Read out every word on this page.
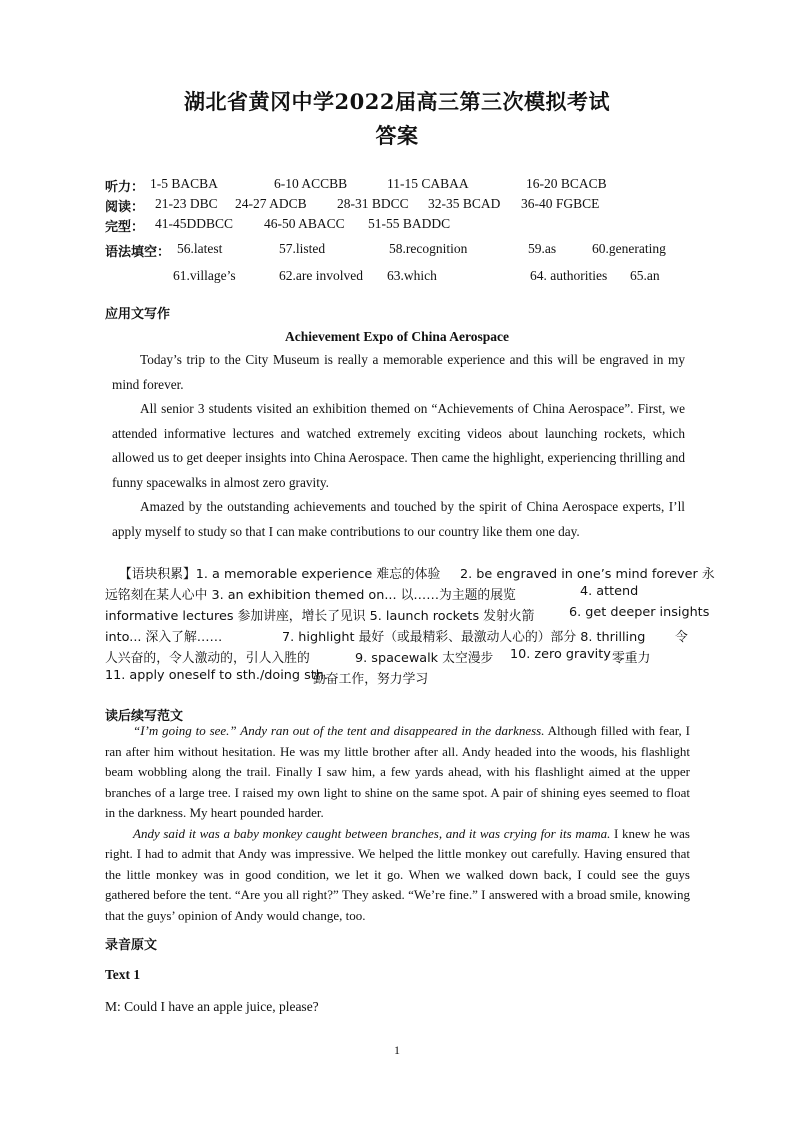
湖北省黄冈中学2022届高三第三次模拟考试
答案
听力： 1-5 BACBA	6-10 ACCBB	11-15 CABAA	16-20 BCACB
阅读： 21-23 DBC 24-27 ADCB 28-31 BDCC 32-35 BCAD 36-40 FGBCE
完型： 41-45DDBCC 46-50 ABACC 51-55 BADDC
语法填空： 56.latest	57.listed	58.recognition	59.as	60.generating
61.village’s	62.are involved 63.which	64. authorities 65.an
应用文写作
Achievement Expo of China Aerospace

Today’s trip to the City Museum is really a memorable experience and this will be engraved in my mind forever.

All senior 3 students visited an exhibition themed on “Achievements of China Aerospace”. First, we attended informative lectures and watched extremely exciting videos about launching rockets, which allowed us to get deeper insights into China Aerospace. Then came the highlight, experiencing thrilling and funny spacewalks in almost zero gravity.

Amazed by the outstanding achievements and touched by the spirit of China Aerospace experts, I’ll apply myself to study so that I can make contributions to our country like them one day.

【语块积累】1. a memorable experience 难忘的体验 2. be engraved in one’s mind forever 永
远铭刻在某人心中 3. an exhibition themed on... 以……为主题的展览	4. attend
informative lectures 参加讲座，增长了见识 5. launch rockets 发射火箭	6. get deeper insights
into... 深入了解……	7. highlight 最好（或最精彩、最激动人心的）部分 8. thrilling 令
人兴奋的，令人激动的，引人入胜的	9. spacewalk 太空漫步 10. zero gravity 零重力
11. apply oneself to sth./doing sth.
勤奋工作，努力学习
读后续写范文

“I’m going to see.” Andy ran out of the tent and disappeared in the darkness. Although filled with fear, I ran after him without hesitation. He was my little brother after all. Andy headed into the woods, his flashlight beam wobbling along the trail. Finally I saw him, a few yards ahead, with his flashlight aimed at the upper branches of a large tree. I raised my own light to shine on the same spot. A pair of shining eyes seemed to float in the darkness. My heart pounded harder.

Andy said it was a baby monkey caught between branches, and it was crying for its mama. I knew he was right. I had to admit that Andy was impressive. We helped the little monkey out carefully. Having ensured that the little monkey was in good condition, we let it go. When we walked down back, I could see the guys gathered before the tent. “Are you all right?” They asked. “We’re fine.” I answered with a broad smile, knowing that the guys’ opinion of Andy would change, too.

录音原文
Text 1
M: Could I have an apple juice, please?
1
